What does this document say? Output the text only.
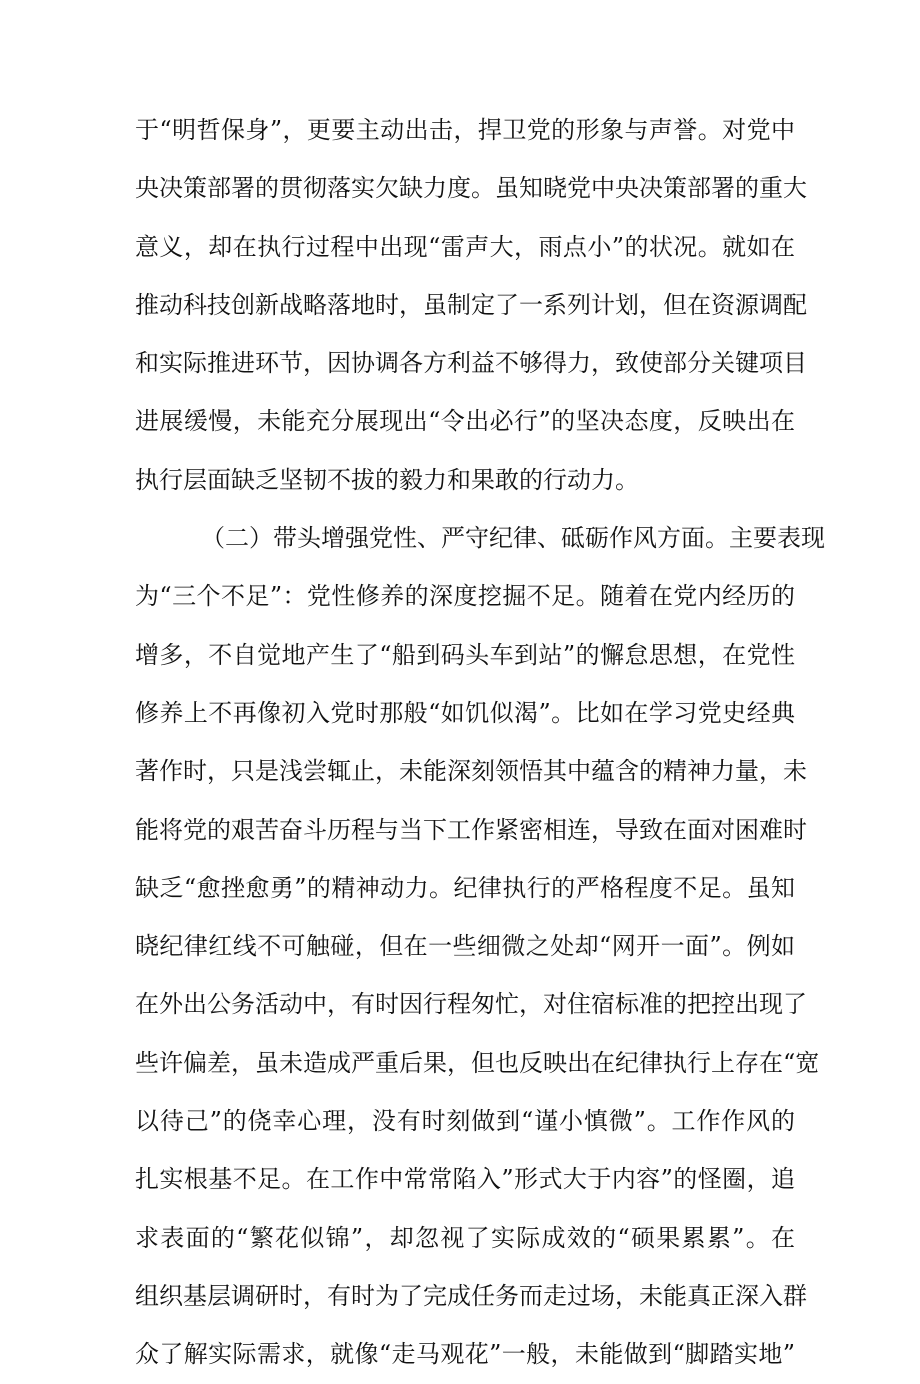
于“明哲保身”，更要主动出击，捍卫党的形象与声誉。对党中
央决策部署的贯彻落实欠缺力度。虽知晓党中央决策部署的重大
意义，却在执行过程中出现“雷声大，雨点小”的状况。就如在
推动科技创新战略落地时，虽制定了一系列计划，但在资源调配
和实际推进环节，因协调各方利益不够得力，致使部分关键项目
进展缓慢，未能充分展现出“令出必行”的坚决态度，反映出在
执行层面缺乏坚韧不拔的毅力和果敢的行动力。
（二）带头增强党性、严守纪律、砥砺作风方面。主要表现
为“三个不足”：党性修养的深度挖掘不足。随着在党内经历的
增多，不自觉地产生了“船到码头车到站”的懈怠思想，在党性
修养上不再像初入党时那般“如饥似渴”。比如在学习党史经典
著作时，只是浅尝辄止，未能深刻领悟其中蕴含的精神力量，未
能将党的艰苦奋斗历程与当下工作紧密相连，导致在面对困难时
缺乏“愈挫愈勇”的精神动力。纪律执行的严格程度不足。虽知
晓纪律红线不可触碰，但在一些细微之处却“网开一面”。例如
在外出公务活动中，有时因行程匆忙，对住宿标准的把控出现了
些许偏差，虽未造成严重后果，但也反映出在纪律执行上存在“宽
以待己”的侥幸心理，没有时刻做到“谨小慎微”。工作作风的
扎实根基不足。在工作中常常陷入”形式大于内容”的怪圈，追
求表面的“繁花似锦”，却忽视了实际成效的“硕果累累”。在
组织基层调研时，有时为了完成任务而走过场，未能真正深入群
众了解实际需求，就像“走马观花”一般，未能做到“脚踏实地”
